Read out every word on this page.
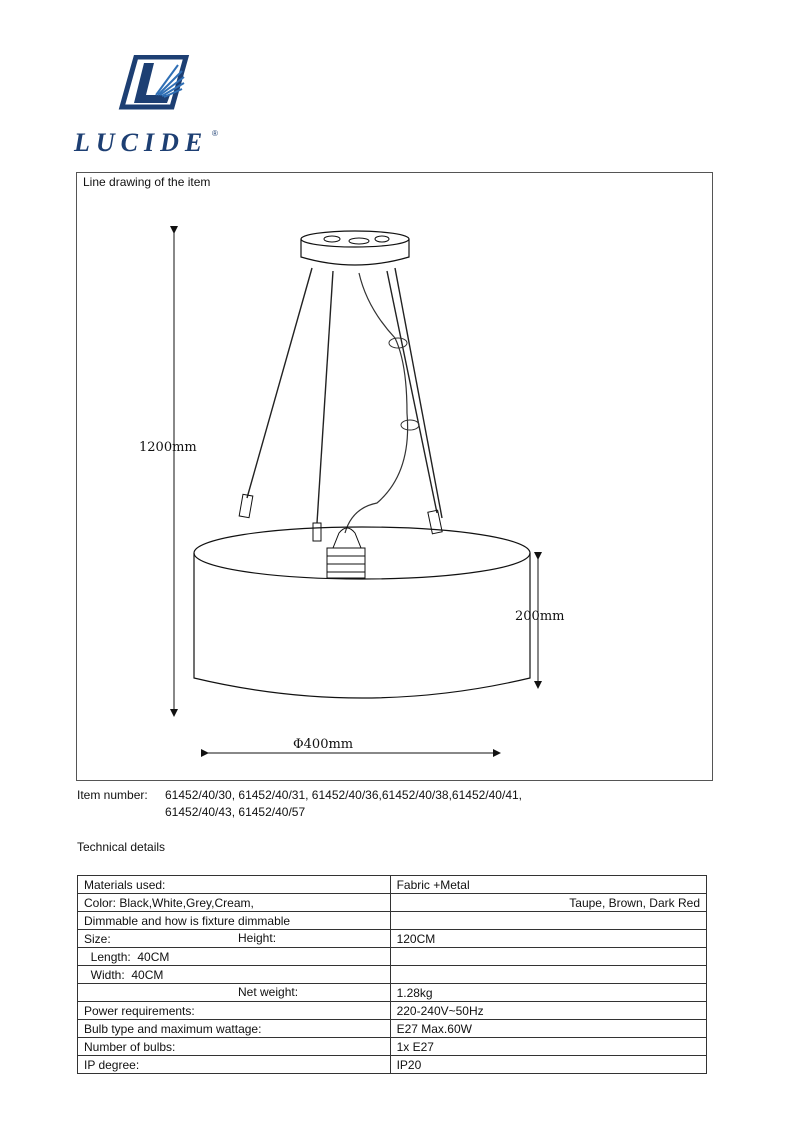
LUCIDE ®
Line drawing of the item
1200mm
200mm
Φ400mm
Item number: 61452/40/30, 61452/40/31, 61452/40/36,61452/40/38,61452/40/41,
61452/40/43, 61452/40/57
Technical details
Materials used:	Fabric +Metal
Color: Black,White,Grey,Cream,	Taupe, Brown, Dark Red
Dimmable and how is fixture dimmable	
Size: Height:	120CM
Length:  40CM	
Width:  40CM	

Net weight:	1.28kg
Power requirements:	220-240V~50Hz
Bulb type and maximum wattage:	E27 Max.60W
Number of bulbs:	1x E27
IP degree:	IP20
